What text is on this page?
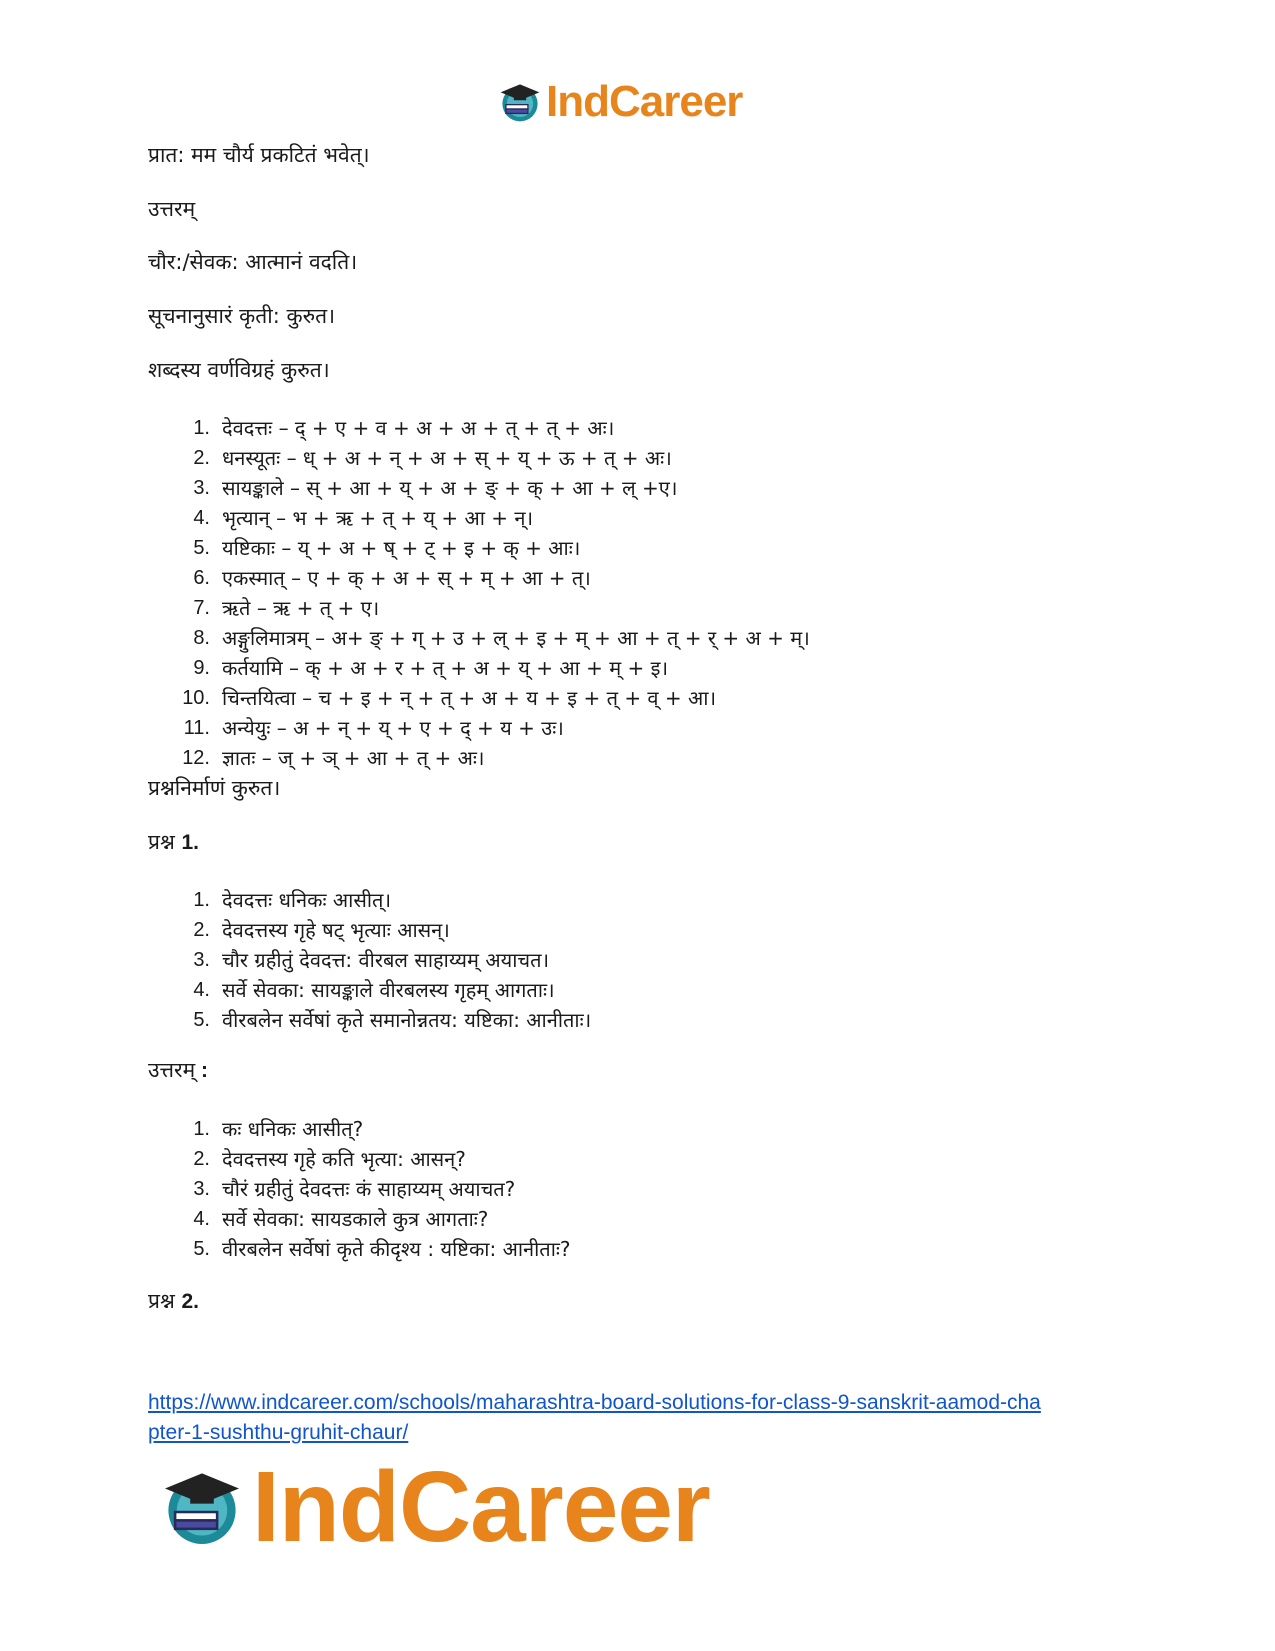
IndCareer

प्रात: मम चौर्य प्रकटितं भवेत्।

उत्तरम्

चौर:/सेवक: आत्मानं वदति।

सूचनानुसारं कृती: कुरुत।

शब्दस्य वर्णविग्रहं कुरुत।

1. देवदत्तः – द् + ए + व + अ + अ + त् + त् + अः।
2. धनस्यूतः – ध् + अ + न् + अ + स् + य् + ऊ + त् + अः।
3. सायङ्काले – स् + आ + य् + अ + ङ् + क् + आ + ल् +ए।
4. भृत्यान् – भ + ऋ + त् + य् + आ + न्।
5. यष्टिकाः – य् + अ + ष् + ट् + इ + क् + आः।
6. एकस्मात् – ए + क् + अ + स् + म् + आ + त्।
7. ऋते – ऋ + त् + ए।
8. अङ्गुलिमात्रम् – अ+ ङ् + ग् + उ + ल् + इ + म् + आ + त् + र् + अ + म्।
9. कर्तयामि – क् + अ + र + त् + अ + य् + आ + म् + इ।
10. चिन्तयित्वा – च + इ + न् + त् + अ + य + इ + त् + व् + आ।
11. अन्येयुः – अ + न् + य् + ए + द् + य + उः।
12. ज्ञातः – ज् + ञ् + आ + त् + अः।

प्रश्ननिर्माणं कुरुत।

प्रश्न 1.

1. देवदत्तः धनिकः आसीत्।
2. देवदत्तस्य गृहे षट् भृत्याः आसन्।
3. चौर ग्रहीतुं देवदत्त: वीरबल साहाय्यम् अयाचत।
4. सर्वे सेवका: सायङ्काले वीरबलस्य गृहम् आगताः।
5. वीरबलेन सर्वेषां कृते समानोन्नतय: यष्टिका: आनीताः।

उत्तरम् :

1. कः धनिकः आसीत्?
2. देवदत्तस्य गृहे कति भृत्या: आसन्?
3. चौरं ग्रहीतुं देवदत्तः कं साहाय्यम् अयाचत?
4. सर्वे सेवका: सायडकाले कुत्र आगताः?
5. वीरबलेन सर्वेषां कृते कीदृश्य : यष्टिका: आनीताः?

प्रश्न 2.

https://www.indcareer.com/schools/maharashtra-board-solutions-for-class-9-sanskrit-aamod-cha
pter-1-sushthu-gruhit-chaur/

IndCareer
